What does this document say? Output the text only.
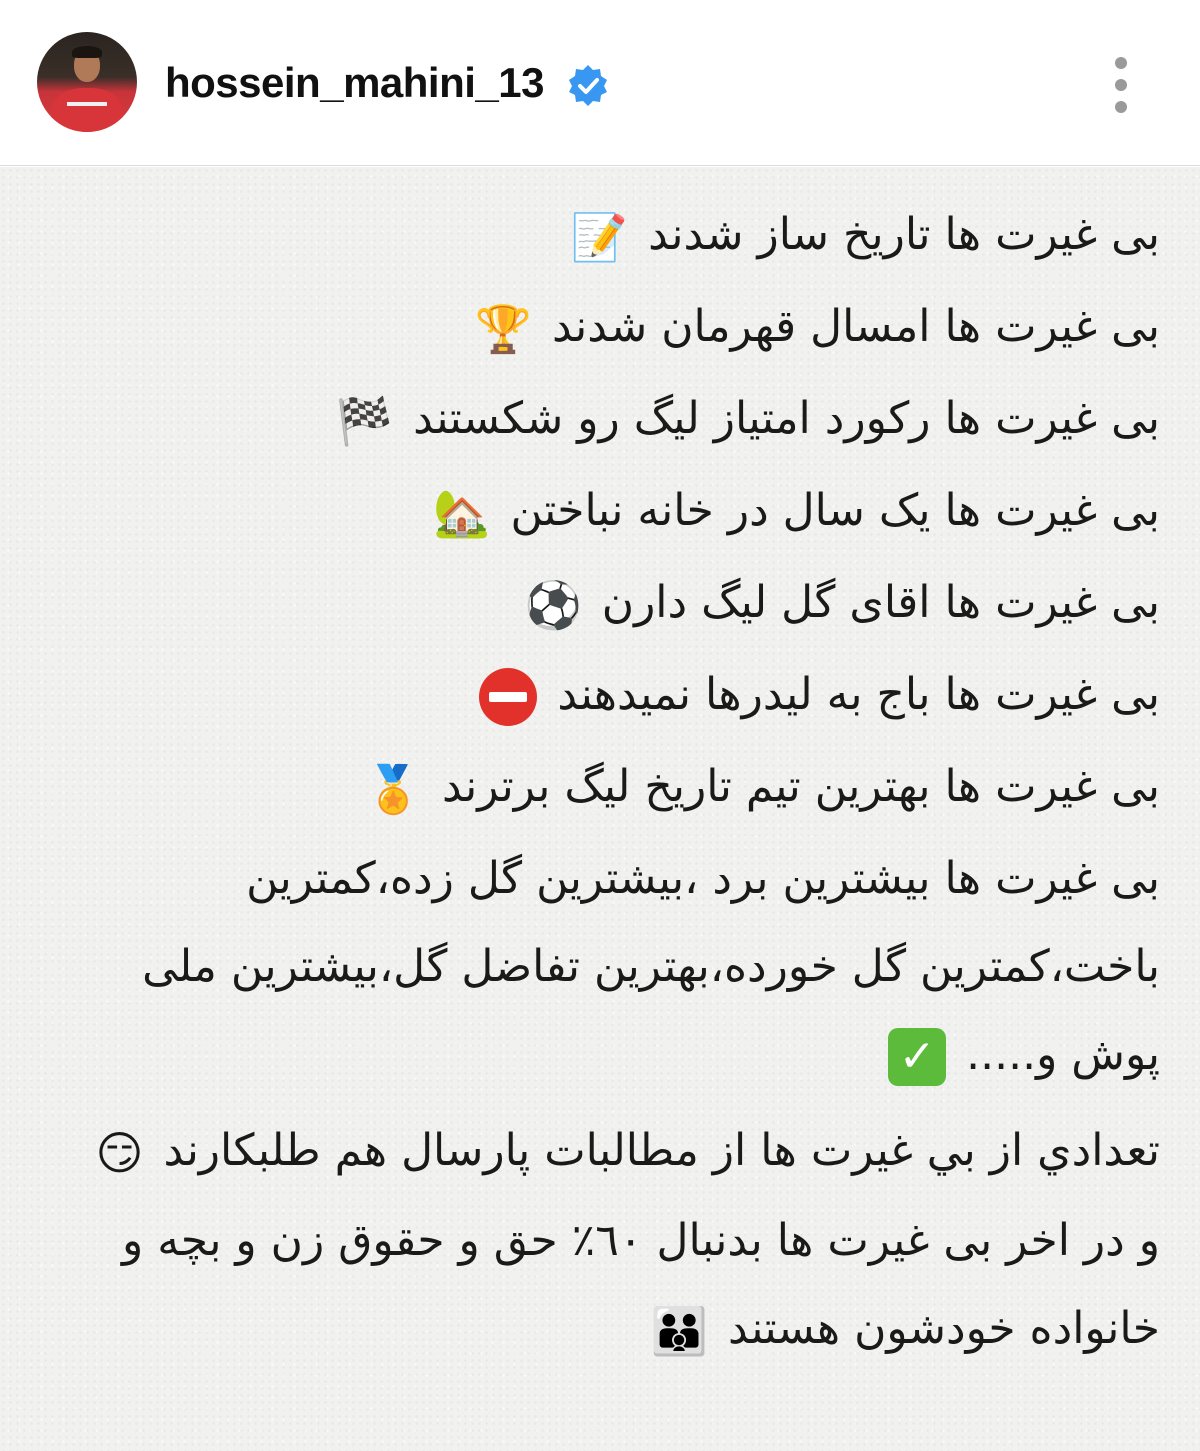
hossein_mahini_13
بی غیرت ها تاریخ ساز شدند 📝
بی غیرت ها امسال قهرمان شدند 🏆
بی غیرت ها رکورد امتیاز لیگ رو شکستند 🏁
بی غیرت ها یک سال در خانه نباختن 🏡
بی غیرت ها اقای گل لیگ دارن ⚽
بی غیرت ها باج به لیدرها نمیدهند
بی غیرت ها بهترین تیم تاریخ لیگ برترند 🏅
بی غیرت ها بیشترین برد ،بیشترین گل زده،کمترین
باخت،کمترین گل خورده،بهترین تفاضل گل،بیشترین ملی
پوش و..... ✓
تعدادي از بي غيرت ها از مطالبات پارسال هم طلبکارند 😏
و در اخر بی غیرت ها بدنبال ٦٠٪ حق و حقوق زن و بچه و
خانواده خودشون هستند 👪
